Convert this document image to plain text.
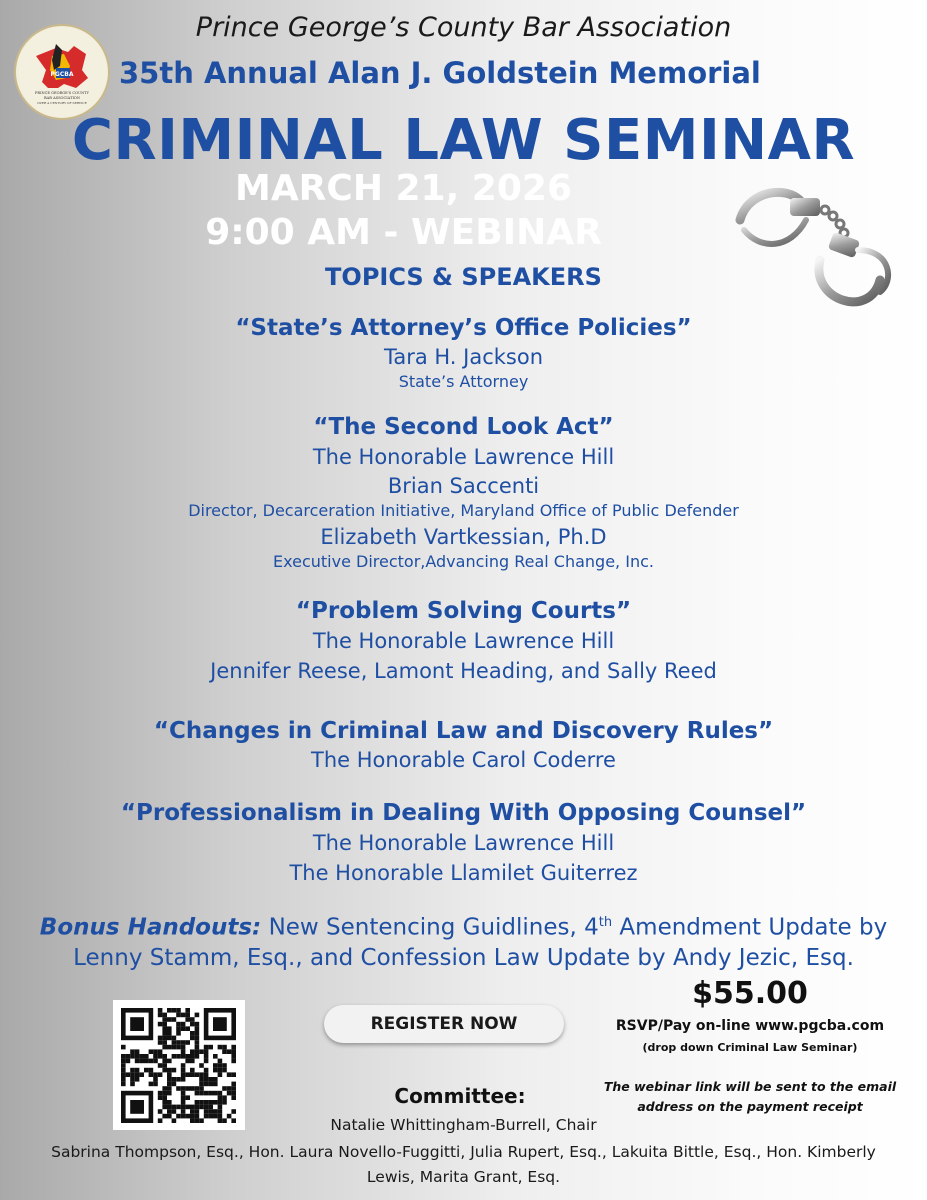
PGCBA
PRINCE GEORGE'S COUNTY
BAR ASSOCIATION
OVER A CENTURY OF SERVICE
Prince George’s County Bar Association
35th Annual Alan J. Goldstein Memorial
CRIMINAL LAW SEMINAR
MARCH 21, 2026
9:00 AM - WEBINAR
TOPICS & SPEAKERS
“State’s Attorney’s Office Policies”
Tara H. Jackson
State’s Attorney
“The Second Look Act”
The Honorable Lawrence Hill
Brian Saccenti
Director, Decarceration Initiative, Maryland Office of Public Defender
Elizabeth Vartkessian, Ph.D
Executive Director,Advancing Real Change, Inc.
“Problem Solving Courts”
The Honorable Lawrence Hill
Jennifer Reese, Lamont Heading, and Sally Reed
“Changes in Criminal Law and Discovery Rules”
The Honorable Carol Coderre
“Professionalism in Dealing With Opposing Counsel”
The Honorable Lawrence Hill
The Honorable Llamilet Guiterrez
Bonus Handouts: New Sentencing Guidlines, 4th Amendment Update by Lenny Stamm, Esq., and Confession Law Update by Andy Jezic, Esq.
REGISTER NOW
$55.00
RSVP/Pay on-line www.pgcba.com
(drop down Criminal Law Seminar)
The webinar link will be sent to the email address on the payment receipt
Committee:
Natalie Whittingham-Burrell, Chair
Sabrina Thompson, Esq., Hon. Laura Novello-Fuggitti, Julia Rupert, Esq., Lakuita Bittle, Esq., Hon. Kimberly Lewis, Marita Grant, Esq.
